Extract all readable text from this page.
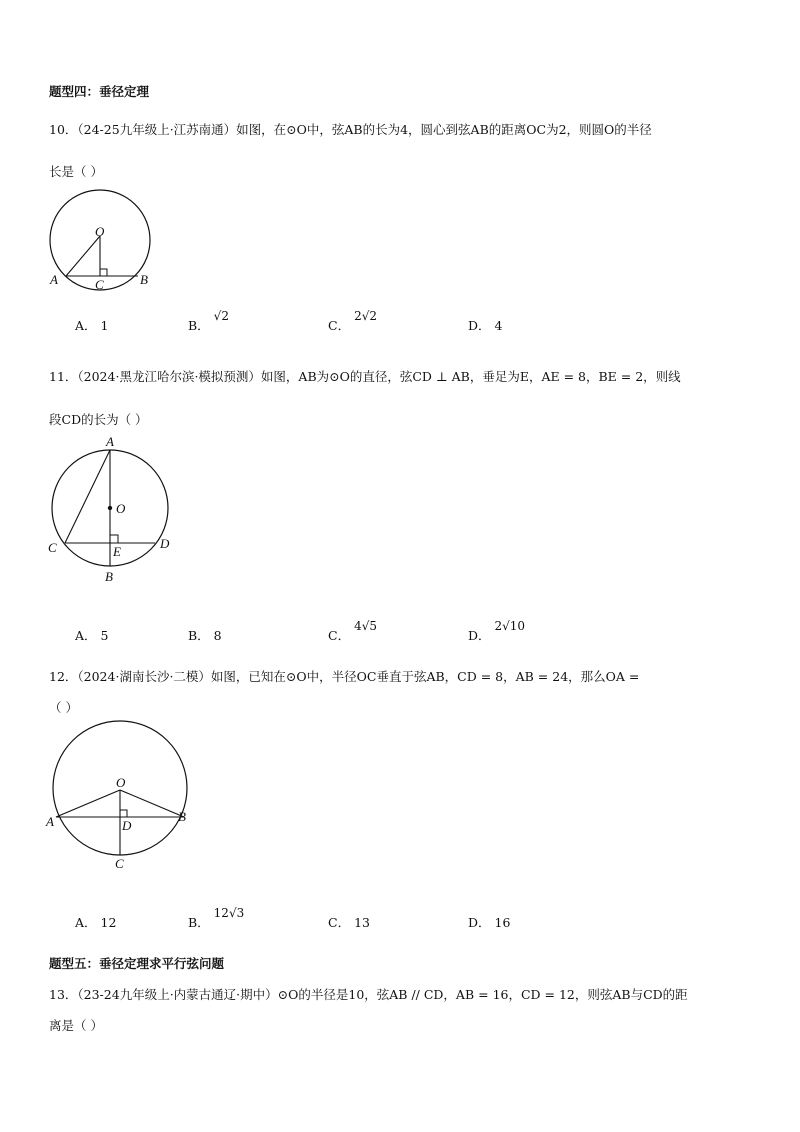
题型四：垂径定理
10．（24-25九年级上·江苏南通）如图，在⊙O中，弦AB的长为4，圆心到弦AB的距离OC为2，则圆O的半径
长是（ ）
O
A	B
C
A． 1	B． √2
C． 2√2
D． 4
11．（2024·黑龙江哈尔滨·模拟预测）如图，AB为⊙O的直径，弦CD ⊥ AB，垂足为E，AE = 8，BE = 2，则线
段CD的长为（ ）
A
O
C	E
D
B
A． 5	B． 8	C． 4√5
D． 2√10
12．（2024·湖南长沙·二模）如图，已知在⊙O中，半径OC垂直于弦AB，CD = 8，AB = 24，那么OA =
（ ）
O
A	B
D
C
A． 12	B． 12√3
C． 13	D． 16
题型五：垂径定理求平行弦问题
13．（23-24九年级上·内蒙古通辽·期中）⊙O的半径是10，弦AB // CD，AB = 16，CD = 12，则弦AB与CD的距
离是（ ）
